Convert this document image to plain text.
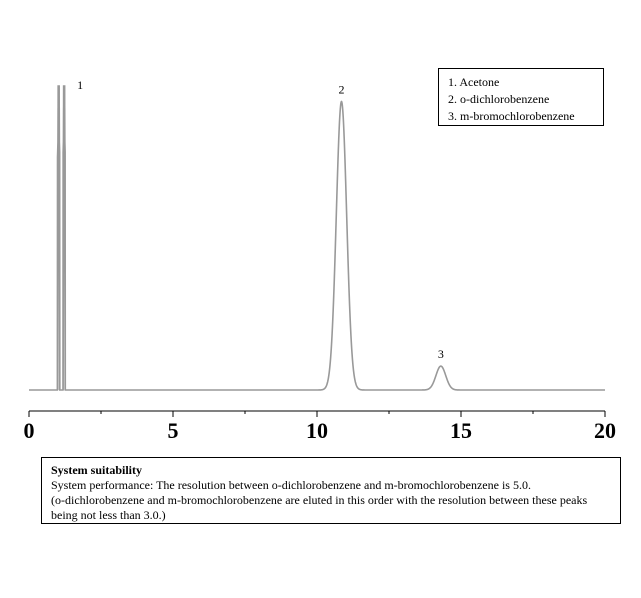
0	5	10	15	20
1	2
3
1. Acetone
2. o-dichlorobenzene
3. m-bromochlorobenzene
System suitability
System performance: The resolution between o-dichlorobenzene and m-bromochlorobenzene is 5.0.
(o-dichlorobenzene and m-bromochlorobenzene are eluted in this order with the resolution between these peaks
being not less than 3.0.)
